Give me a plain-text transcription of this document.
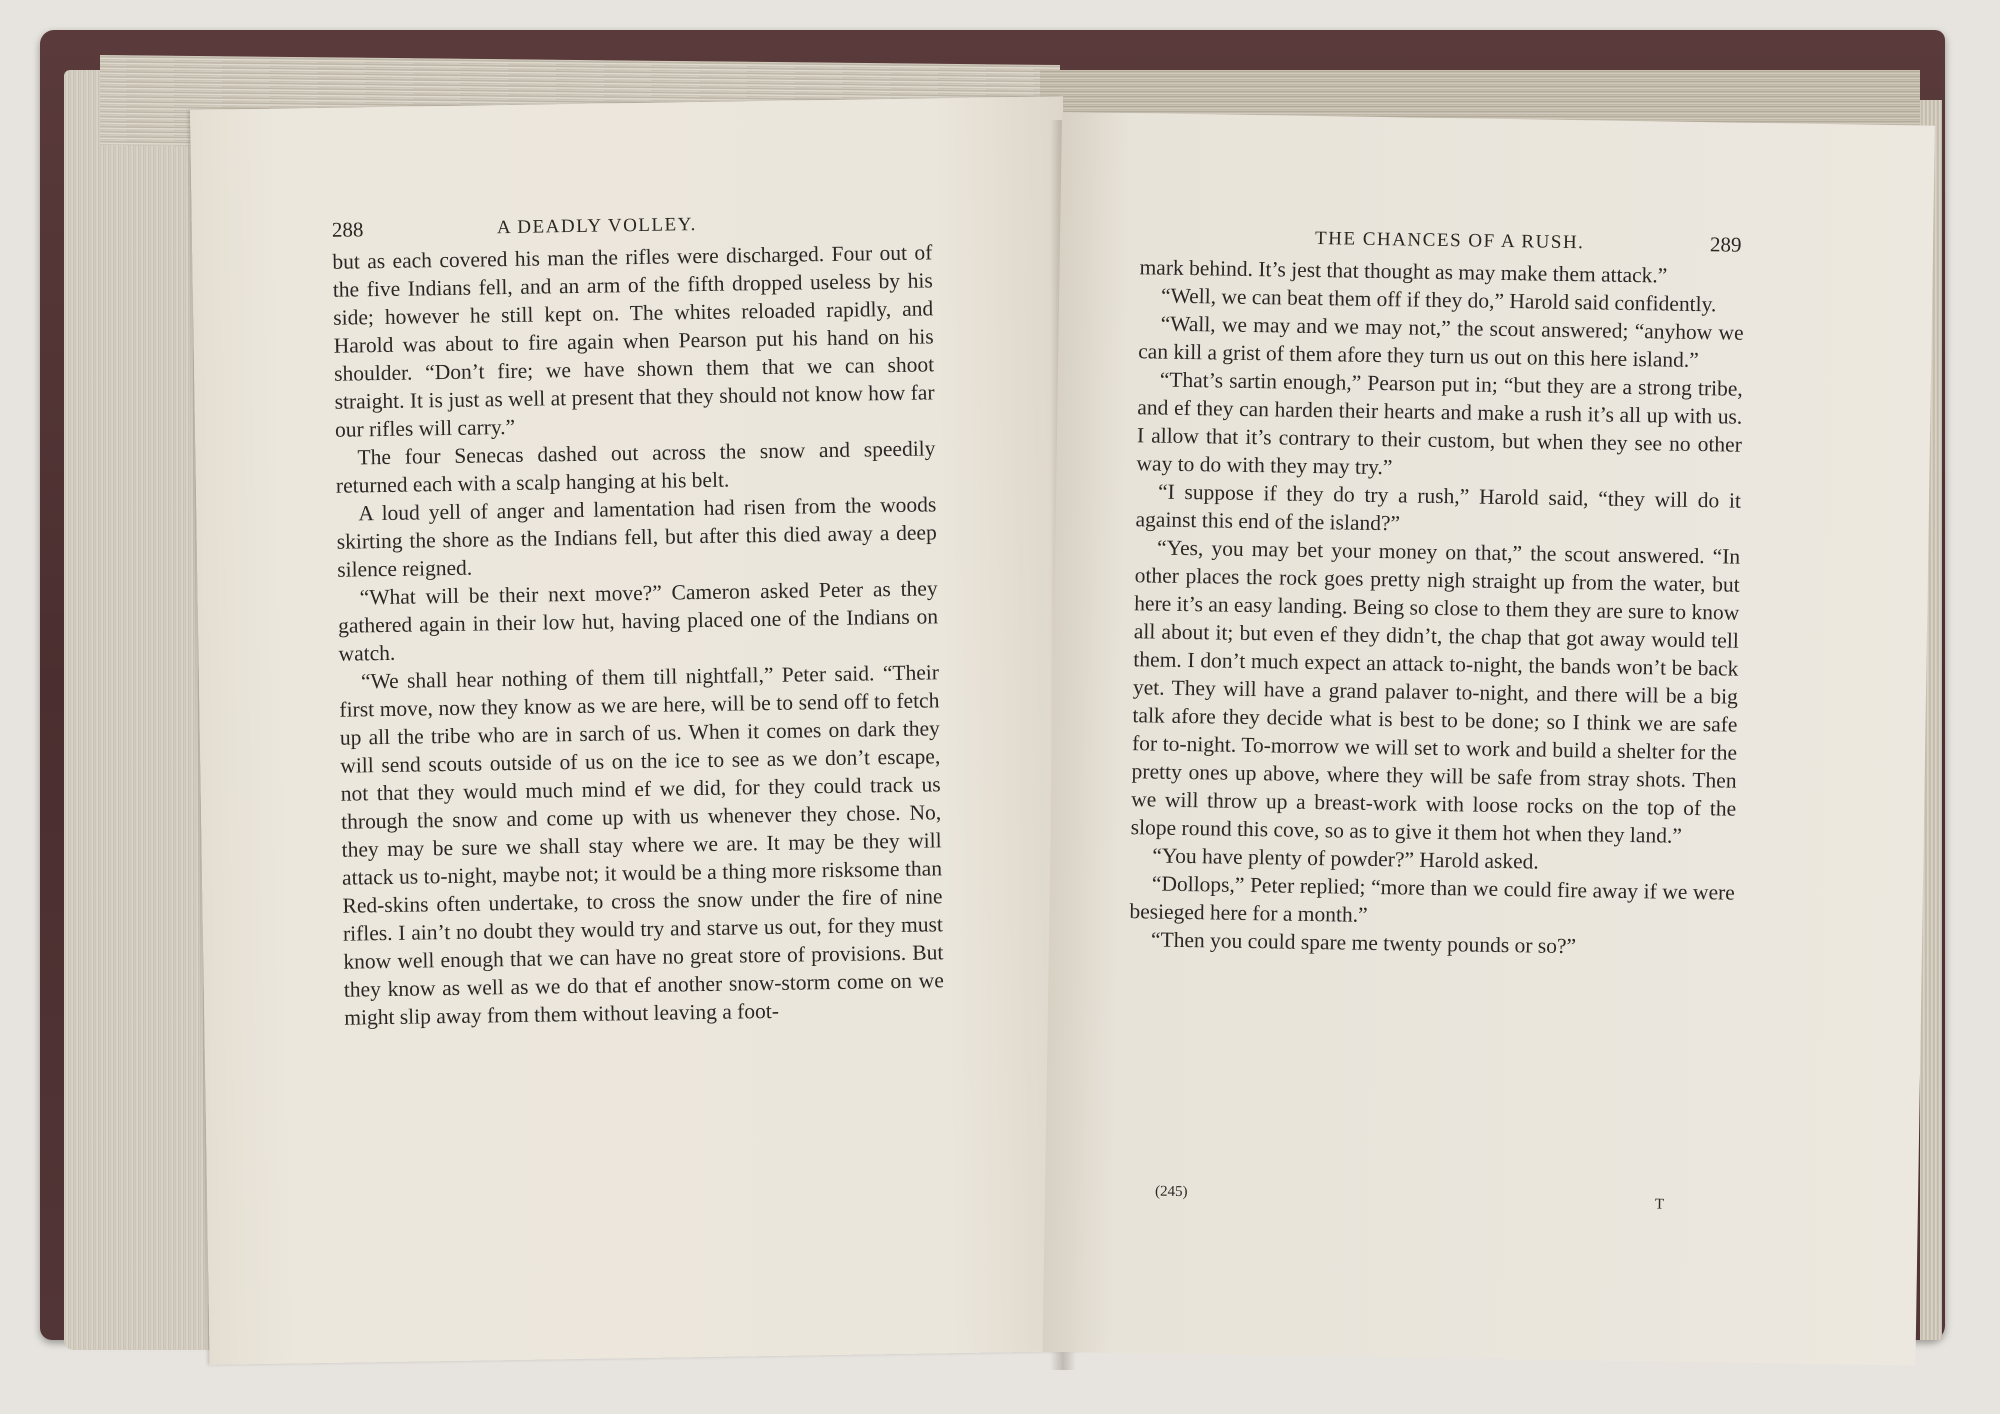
288	A DEADLY VOLLEY.

but as each covered his man the rifles were discharged. Four out of the five Indians fell, and an arm of the fifth dropped useless by his side; however he still kept on. The whites reloaded rapidly, and Harold was about to fire again when Pearson put his hand on his shoulder. “Don’t fire; we have shown them that we can shoot straight. It is just as well at present that they should not know how far our rifles will carry.”

The four Senecas dashed out across the snow and speedily returned each with a scalp hanging at his belt.

A loud yell of anger and lamentation had risen from the woods skirting the shore as the Indians fell, but after this died away a deep silence reigned.

“What will be their next move?” Cameron asked Peter as they gathered again in their low hut, having placed one of the Indians on watch.

“We shall hear nothing of them till nightfall,” Peter said. “Their first move, now they know as we are here, will be to send off to fetch up all the tribe who are in sarch of us. When it comes on dark they will send scouts outside of us on the ice to see as we don’t escape, not that they would much mind ef we did, for they could track us through the snow and come up with us whenever they chose. No, they may be sure we shall stay where we are. It may be they will attack us to-night, maybe not; it would be a thing more risksome than Red-skins often undertake, to cross the snow under the fire of nine rifles. I ain’t no doubt they would try and starve us out, for they must know well enough that we can have no great store of provisions. But they know as well as we do that ef another snow-storm come on we might slip away from them without leaving a foot-

THE CHANCES OF A RUSH.	289

mark behind. It’s jest that thought as may make them attack.”

“Well, we can beat them off if they do,” Harold said confidently.

“Wall, we may and we may not,” the scout answered; “anyhow we can kill a grist of them afore they turn us out on this here island.”

“That’s sartin enough,” Pearson put in; “but they are a strong tribe, and ef they can harden their hearts and make a rush it’s all up with us. I allow that it’s contrary to their custom, but when they see no other way to do with they may try.”

“I suppose if they do try a rush,” Harold said, “they will do it against this end of the island?”

“Yes, you may bet your money on that,” the scout answered. “In other places the rock goes pretty nigh straight up from the water, but here it’s an easy landing. Being so close to them they are sure to know all about it; but even ef they didn’t, the chap that got away would tell them. I don’t much expect an attack to-night, the bands won’t be back yet. They will have a grand palaver to-night, and there will be a big talk afore they decide what is best to be done; so I think we are safe for to-night. To-morrow we will set to work and build a shelter for the pretty ones up above, where they will be safe from stray shots. Then we will throw up a breast-work with loose rocks on the top of the slope round this cove, so as to give it them hot when they land.”

“You have plenty of powder?” Harold asked.

“Dollops,” Peter replied; “more than we could fire away if we were besieged here for a month.”

“Then you could spare me twenty pounds or so?”

(245)
T
